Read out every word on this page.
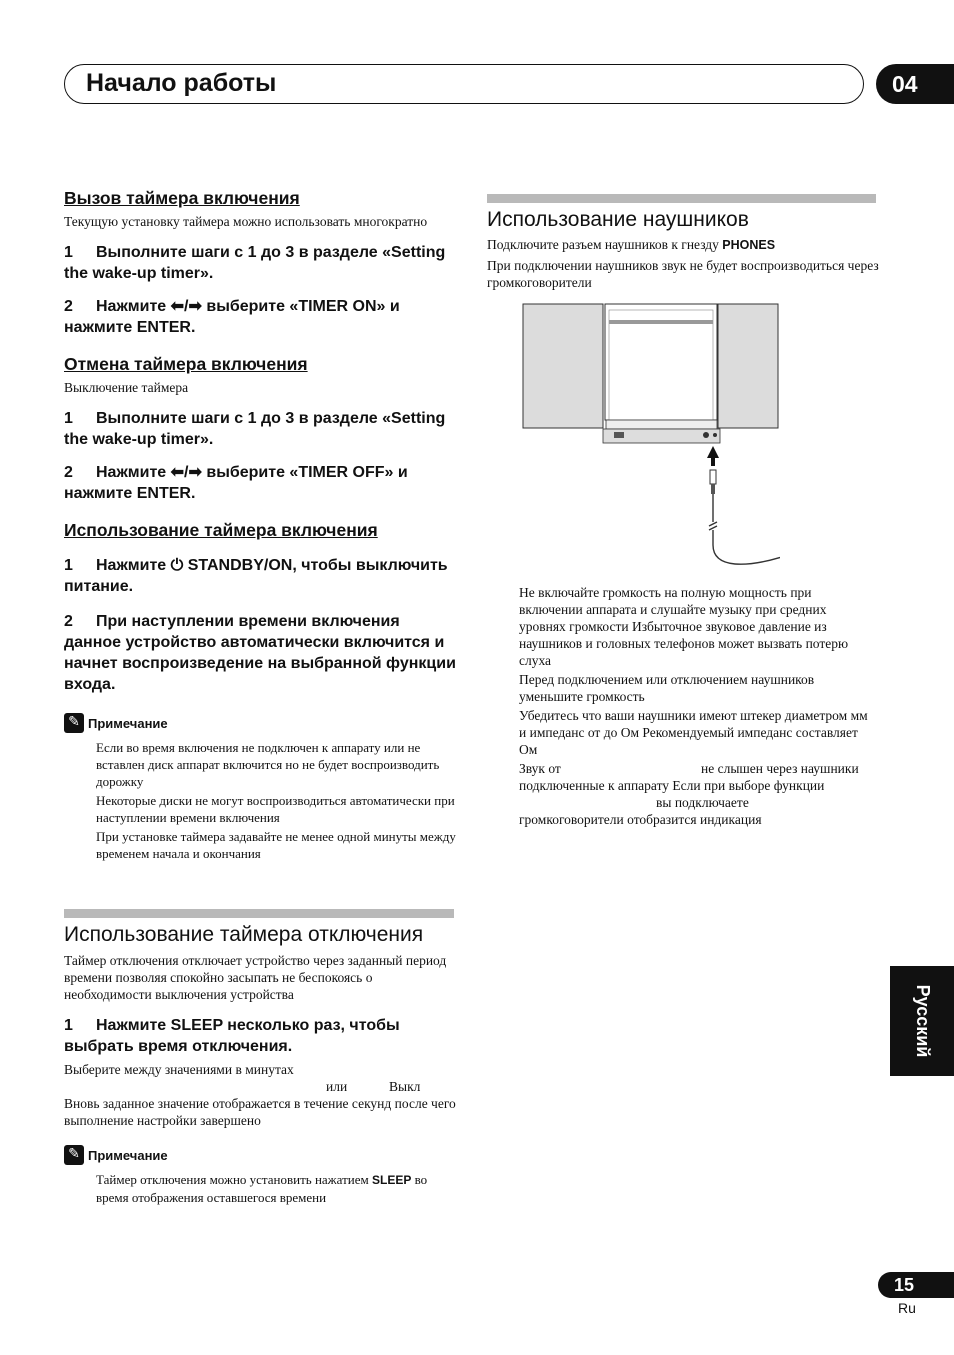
Начало работы	04
Вызов таймера включения
Текущую установку таймера можно использовать многократно
1 Выполните шаги с 1 до 3 в разделе «Setting the wake-up timer».
2 Нажмите ⬅/➡ выберите «TIMER ON» и нажмите ENTER.
Отмена таймера включения
Выключение таймера
1 Выполните шаги с 1 до 3 в разделе «Setting the wake-up timer».
2 Нажмите ⬅/➡ выберите «TIMER OFF» и нажмите ENTER.
Использование таймера включения
1 Нажмите ⏻ STANDBY/ON, чтобы выключить питание.
2 При наступлении времени включения данное устройство автоматически включится и начнет воспроизведение на выбранной функции входа.
✎ Примечание
Если во время включения не подключен к аппарату или не вставлен диск аппарат включится но не будет воспроизводить дорожку
Некоторые диски не могут воспроизводиться автоматически при наступлении времени включения
При установке таймера задавайте не менее одной минуты между временем начала и окончания
Использование таймера отключения
Таймер отключения отключает устройство через заданный период времени позволяя спокойно засыпать не беспокоясь о необходимости выключения устройства
1 Нажмите SLEEP несколько раз, чтобы выбрать время отключения.
Выберите между значениями в минутах
или	Выкл
Вновь заданное значение отображается в течение секунд после чего выполнение настройки завершено
✎ Примечание
Таймер отключения можно установить нажатием SLEEP во время отображения оставшегося времени
Использование наушников
Подключите разъем наушников к гнезду PHONES
При подключении наушников звук не будет воспроизводиться через громкоговорители
Не включайте громкость на полную мощность при включении аппарата и слушайте музыку при средних уровнях громкости Избыточное звуковое давление из наушников и головных телефонов может вызвать потерю слуха
Перед подключением или отключением наушников уменьшите громкость
Убедитесь что ваши наушники имеют штекер диаметром мм и импеданс от до Ом Рекомендуемый импеданс составляет Ом
Звук от	не слышен через наушники
подключенные к аппарату Если при выборе функции
вы подключаете
громкоговорители отобразится индикация
Русский
15
Ru
